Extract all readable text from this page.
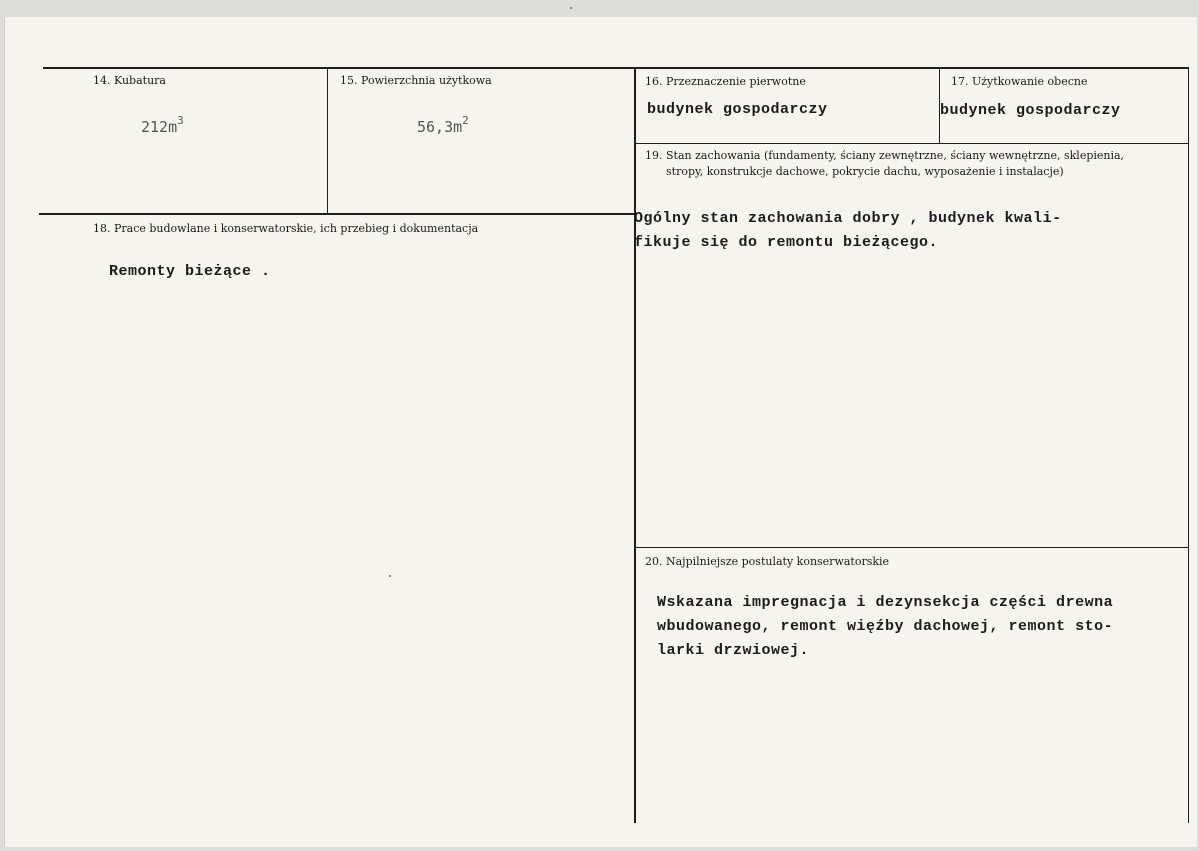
14. Kubatura
$212m^3$
15. Powierzchnia użytkowa
$56,3m^2$
16. Przeznaczenie pierwotne
budynek gospodarczy
17. Użytkowanie obecne
budynek gospodarczy
18. Prace budowlane i konserwatorskie, ich przebieg i dokumentacja
Remonty bieżące .
19. Stan zachowania (fundamenty, ściany zewnętrzne, ściany wewnętrzne, sklepienia,
stropy, konstrukcje dachowe, pokrycie dachu, wyposażenie i instalacje)
Ogólny stan zachowania dobry , budynek kwali-
fikuje się do remontu bieżącego.
20. Najpilniejsze postulaty konserwatorskie
Wskazana impregnacja i dezynsekcja części drewna
wbudowanego, remont więźby dachowej, remont sto-
larki drzwiowej.
